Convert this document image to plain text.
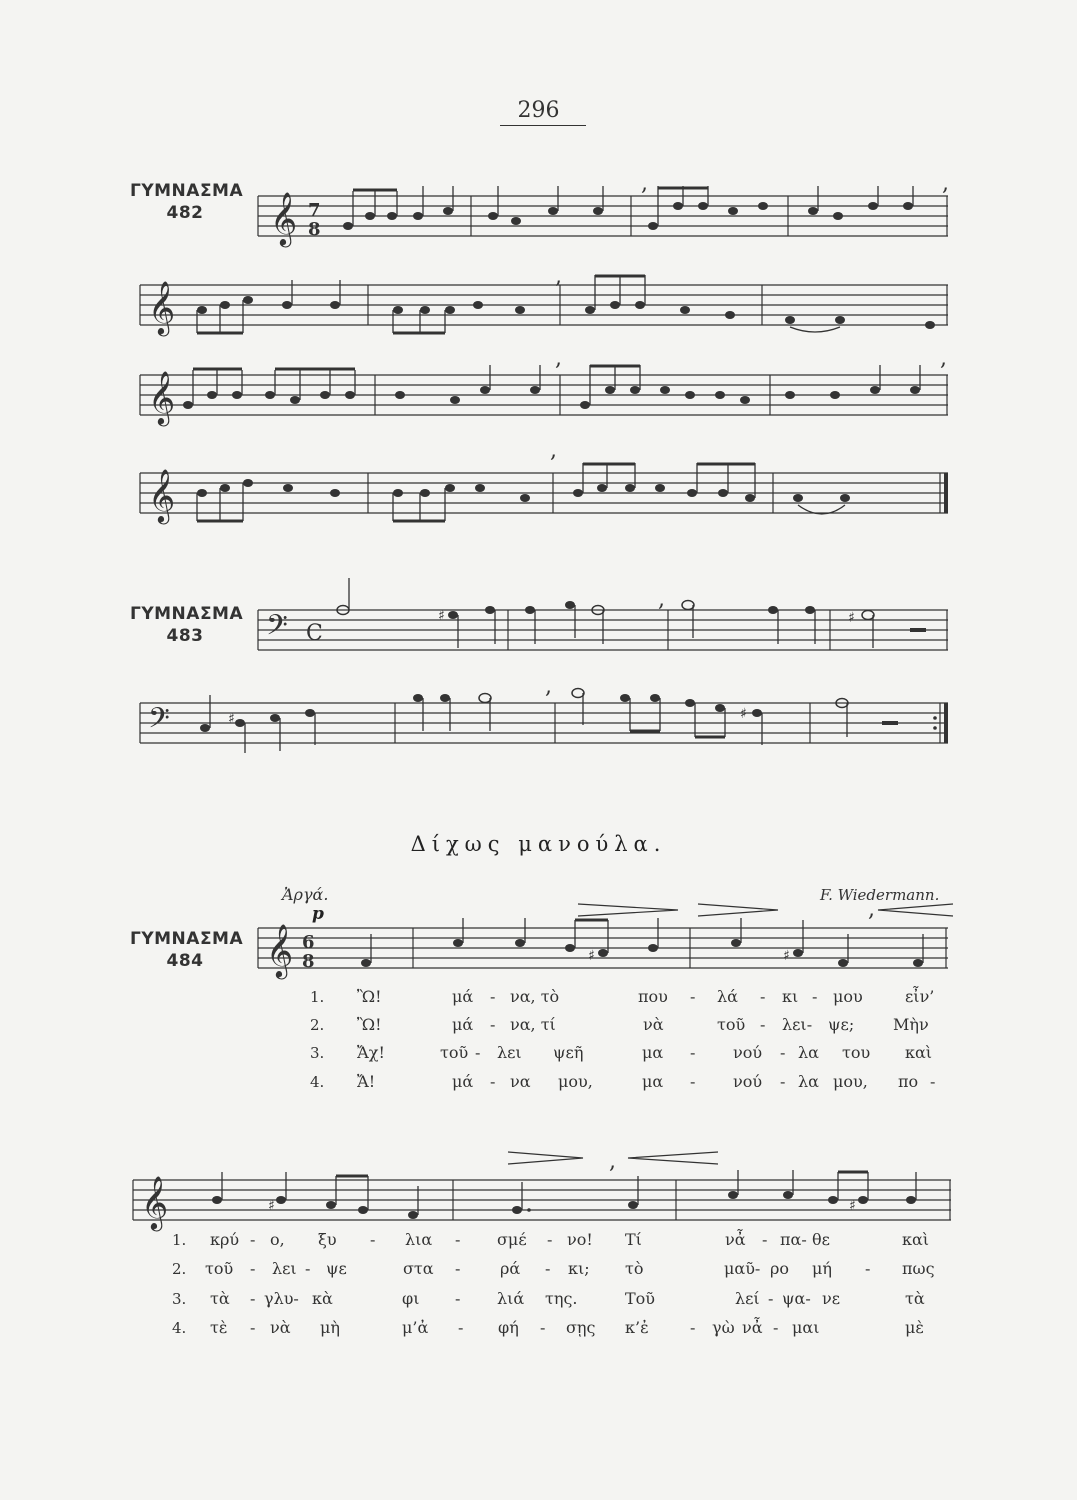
296
ΓΥΜΝΑΣΜΑ
482	𝄞 7
8
,	,
𝄞
,
𝄞
,	,
𝄞
,
ΓΥΜΝΑΣΜΑ
483	𝄢 C
♯	♯
,
𝄢	♯	♯
,
Δίχως μανούλα.
Ἀργά.	F. Wiedermann.
ΓΥΜΝΑΣΜΑ
484
p
𝄞 6
8	♯	♯
,
1. Ὢ!	μά - να, τὸ	που - λά - κι - μου	εἶν’
2. Ὢ!	μά - να, τί	νὰ	τοῦ - λει- ψε; Μὴν
3. Ἄχ!	τοῦ - λει ψεῆ	μα - νού - λα του καὶ
4. Ἄ!	μά - να μου,	μα - νού - λα μου, πο -
𝄞	♯	♯
,
1. κρύ - ο, ξυ - λια - σμέ - νο! Τί	νἆ - πα- θε	καὶ
2. τοῦ - λει - ψε	στα - ρά - κι; τὸ	μαῦ- ρο μή - πως
3. τὰ - γλυ- κὰ	φι - λιά της.	Τοῦ	λεί - ψα- νε	τὰ
4. τὲ - νὰ μὴ	μ’ἀ - φή - σῃς κ’ἐ	- γὼ νἆ - μαι	μὲ
